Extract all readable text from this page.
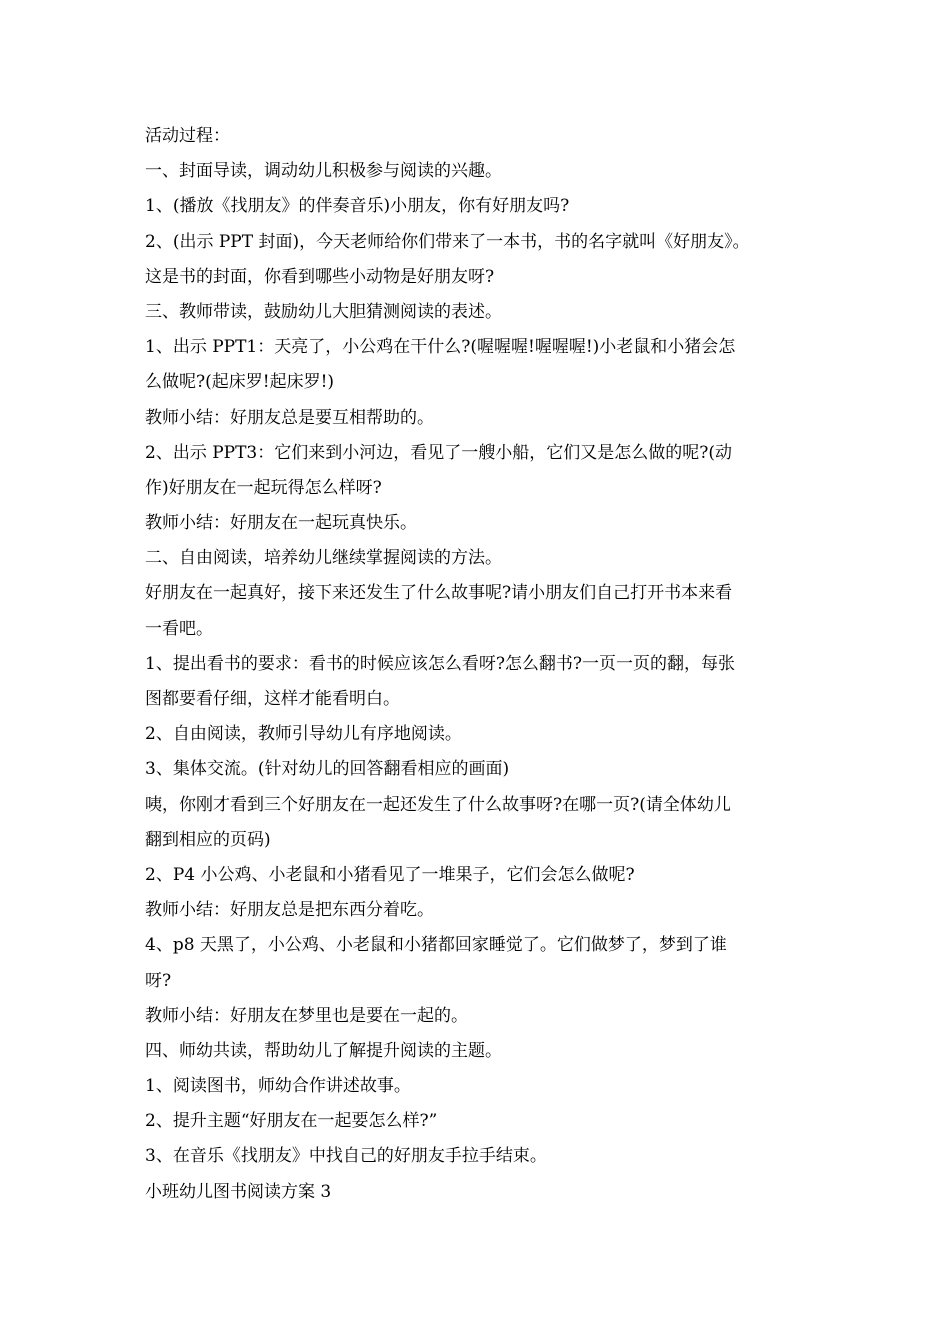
活动过程：
一、封面导读，调动幼儿积极参与阅读的兴趣。
1、(播放《找朋友》的伴奏音乐)小朋友，你有好朋友吗?
2、(出示 PPT 封面)，今天老师给你们带来了一本书，书的名字就叫《好朋友》。
这是书的封面，你看到哪些小动物是好朋友呀?
三、教师带读，鼓励幼儿大胆猜测阅读的表述。
1、出示 PPT1：天亮了，小公鸡在干什么?(喔喔喔!喔喔喔!)小老鼠和小猪会怎
么做呢?(起床罗!起床罗!)
教师小结：好朋友总是要互相帮助的。
2、出示 PPT3：它们来到小河边，看见了一艘小船，它们又是怎么做的呢?(动
作)好朋友在一起玩得怎么样呀?
教师小结：好朋友在一起玩真快乐。
二、自由阅读，培养幼儿继续掌握阅读的方法。
好朋友在一起真好，接下来还发生了什么故事呢?请小朋友们自己打开书本来看
一看吧。
1、提出看书的要求：看书的时候应该怎么看呀?怎么翻书?一页一页的翻，每张
图都要看仔细，这样才能看明白。
2、自由阅读，教师引导幼儿有序地阅读。
3、集体交流。(针对幼儿的回答翻看相应的画面)
咦，你刚才看到三个好朋友在一起还发生了什么故事呀?在哪一页?(请全体幼儿
翻到相应的页码)
2、P4 小公鸡、小老鼠和小猪看见了一堆果子，它们会怎么做呢?
教师小结：好朋友总是把东西分着吃。
4、p8 天黑了，小公鸡、小老鼠和小猪都回家睡觉了。它们做梦了，梦到了谁
呀?
教师小结：好朋友在梦里也是要在一起的。
四、师幼共读，帮助幼儿了解提升阅读的主题。
1、阅读图书，师幼合作讲述故事。
2、提升主题“好朋友在一起要怎么样?”
3、在音乐《找朋友》中找自己的好朋友手拉手结束。
小班幼儿图书阅读方案 3
